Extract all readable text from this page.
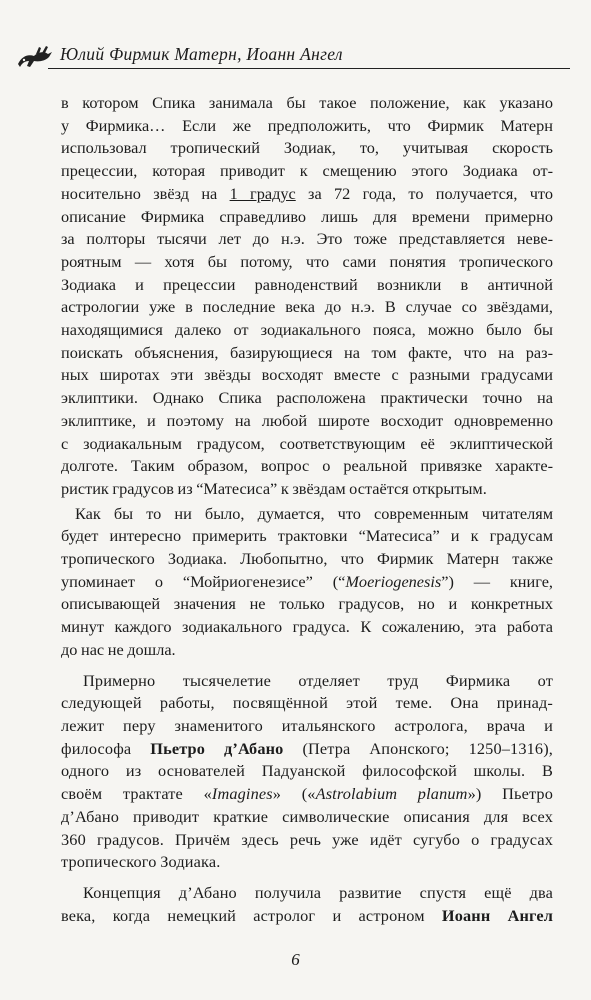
Юлий Фирмик Матерн, Иоанн Ангел

в котором Спика занимала бы такое положение, как указано
у Фирмика… Если же предположить, что Фирмик Матерн
использовал тропический Зодиак, то, учитывая скорость
прецессии, которая приводит к смещению этого Зодиака от-
носительно звёзд на 1 градус за 72 года, то получается, что
описание Фирмика справедливо лишь для времени примерно
за полторы тысячи лет до н.э. Это тоже представляется неве-
роятным — хотя бы потому, что сами понятия тропического
Зодиака и прецессии равноденствий возникли в античной
астрологии уже в последние века до н.э. В случае со звёздами,
находящимися далеко от зодиакального пояса, можно было бы
поискать объяснения, базирующиеся на том факте, что на раз-
ных широтах эти звёзды восходят вместе с разными градусами
эклиптики. Однако Спика расположена практически точно на
эклиптике, и поэтому на любой широте восходит одновременно
с зодиакальным градусом, соответствующим её эклиптической
долготе. Таким образом, вопрос о реальной привязке характе-
ристик градусов из “Матесиса” к звёздам остаётся открытым.

Как бы то ни было, думается, что современным читателям
будет интересно примерить трактовки “Матесиса” и к градусам
тропического Зодиака. Любопытно, что Фирмик Матерн также
упоминает о “Мойриогенезисе” (“Moeriogenesis”) — книге,
описывающей значения не только градусов, но и конкретных
минут каждого зодиакального градуса. К сожалению, эта работа
до нас не дошла.

Примерно тысячелетие отделяет труд Фирмика от
следующей работы, посвящённой этой теме. Она принад-
лежит перу знаменитого итальянского астролога, врача и
философа Пьетро д’Абано (Петра Апонского; 1250–1316),
одного из основателей Падуанской философской школы. В
своём трактате «Imagines» («Astrolabium planum») Пьетро
д’Абано приводит краткие символические описания для всех
360 градусов. Причём здесь речь уже идёт сугубо о градусах
тропического Зодиака.

Концепция д’Абано получила развитие спустя ещё два
века, когда немецкий астролог и астроном Иоанн Ангел

6
